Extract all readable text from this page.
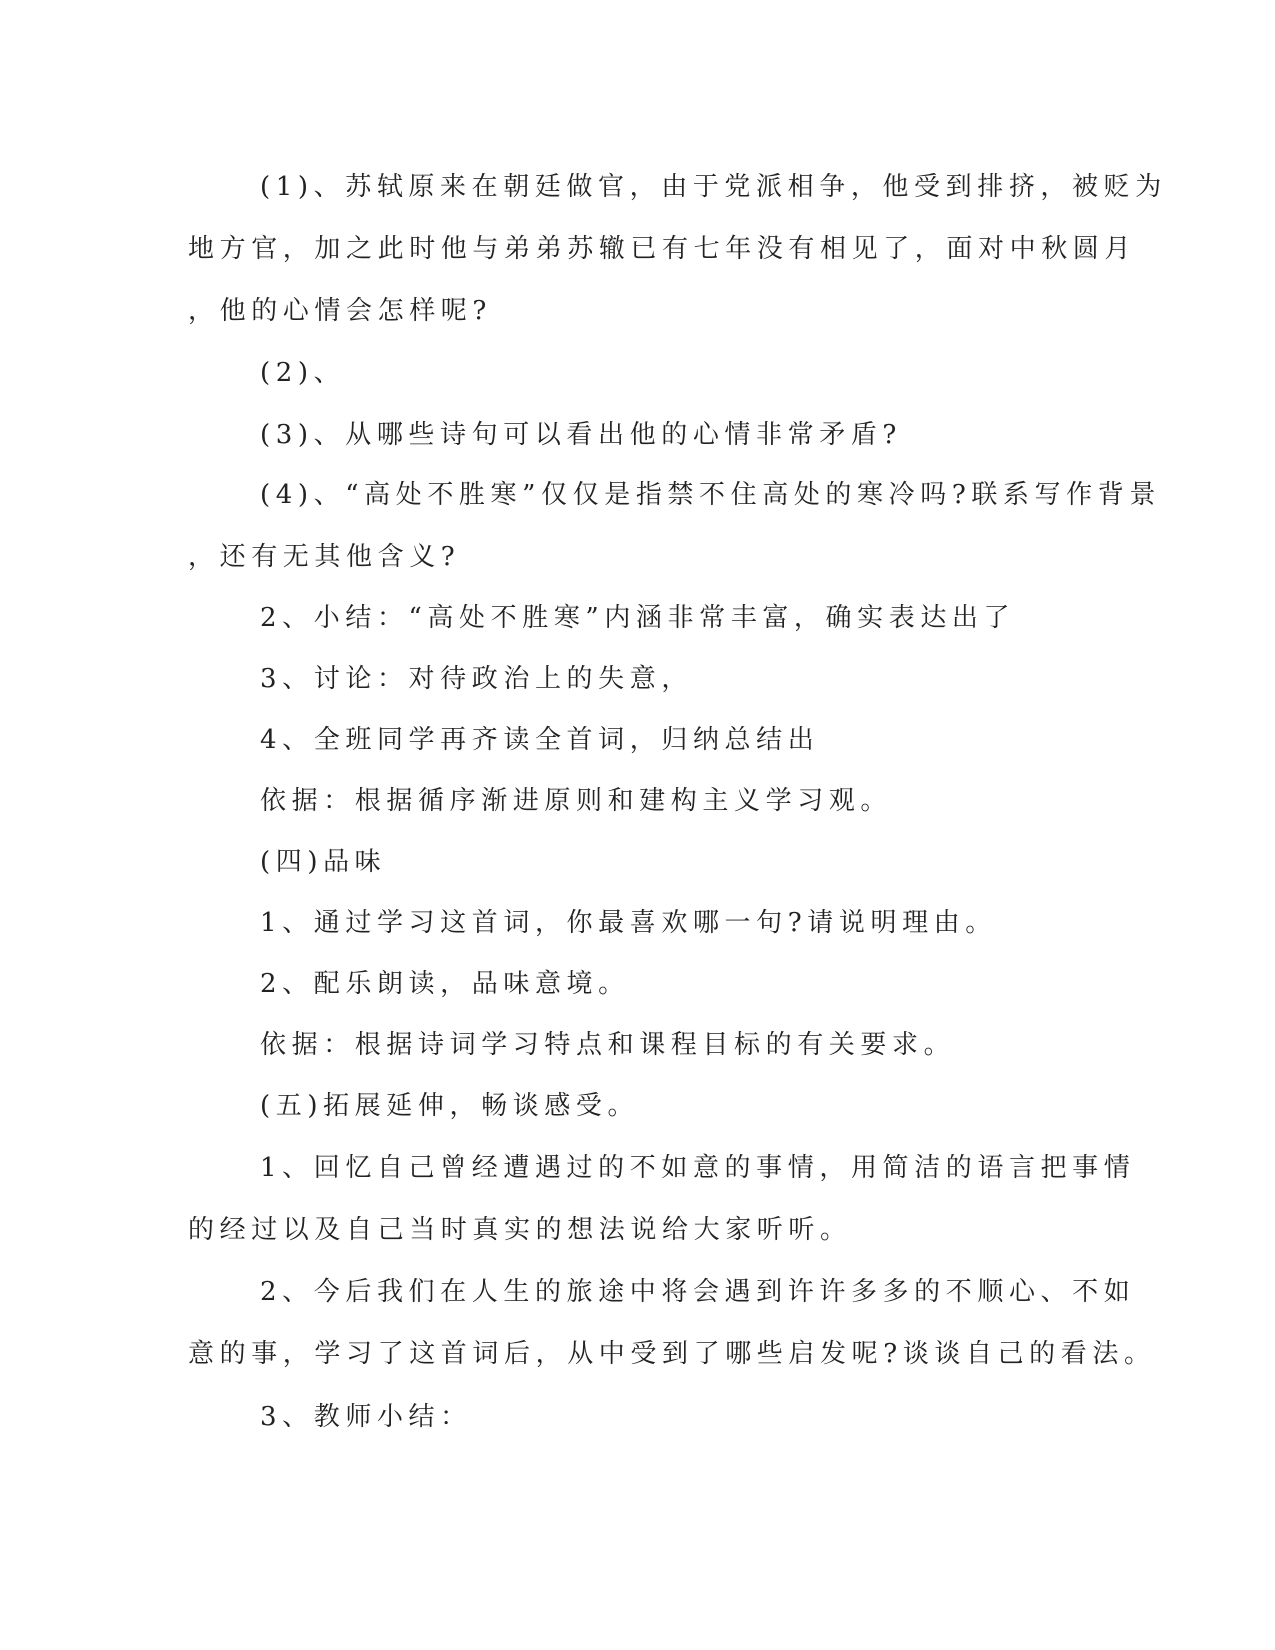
(1)、苏轼原来在朝廷做官，由于党派相争，他受到排挤，被贬为
地方官，加之此时他与弟弟苏辙已有七年没有相见了，面对中秋圆月
，他的心情会怎样呢?
(2)、
(3)、从哪些诗句可以看出他的心情非常矛盾?
(4)、“高处不胜寒”仅仅是指禁不住高处的寒冷吗?联系写作背景
，还有无其他含义?
2、小结：“高处不胜寒”内涵非常丰富，确实表达出了
3、讨论：对待政治上的失意，
4、全班同学再齐读全首词，归纳总结出
依据：根据循序渐进原则和建构主义学习观。
(四)品味
1、通过学习这首词，你最喜欢哪一句?请说明理由。
2、配乐朗读，品味意境。
依据：根据诗词学习特点和课程目标的有关要求。
(五)拓展延伸，畅谈感受。
1、回忆自己曾经遭遇过的不如意的事情，用简洁的语言把事情
的经过以及自己当时真实的想法说给大家听听。
2、今后我们在人生的旅途中将会遇到许许多多的不顺心、不如
意的事，学习了这首词后，从中受到了哪些启发呢?谈谈自己的看法。
3、教师小结：
